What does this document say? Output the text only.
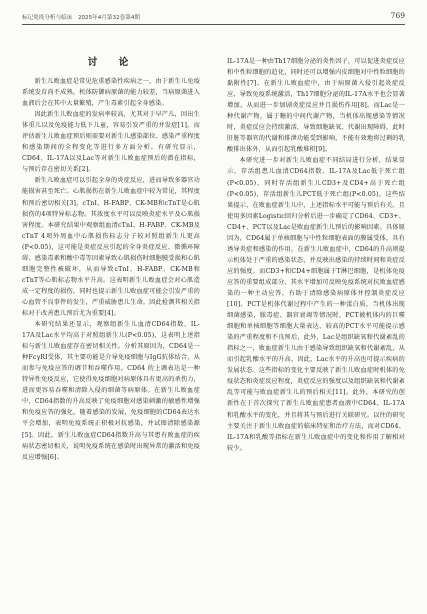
标记免疫分析与临床　2025年4月第32卷第4期	769
讨　论

新生儿败血症是常见危重感染性疾病之一，由于新生儿免疫系统发育尚不成熟，机体防御病原菌的能力较差，当病原菌进入血液后会在其中大量繁殖，产生毒素引起全身感染。

因此新生儿败血症的发病率较高，尤其对于早产儿，因出生体重儿以及免疫能力低下儿童，容易引发严重的并发症[1]。而评估新生儿败血症预后则需要对新生儿感染部位、感染严重程度和感染期间的全程变化等进行多方面分析。有研究显示，CD64、IL-17A以及Lac等对新生儿败血症预后的潜在指标，与预后存在密切关系[2]。

新生儿败血症可以引起全身的炎症反应，进而导致多器官功能损害甚至死亡。心肌损伤在新生儿败血症中较为常见，其程度和预后密切相关[3]，cTnI、H-FABP、CK-MB和cTnT是心肌损伤的4项特异标志物。其浓度水平可以反映炎症水平及心肌损害程度。本研究结果中观察组血清cTnI、H-FABP、CK-MB及cTnT 4项外周血中心肌损伤标志分子较对照组新生儿更高(P<0.05)，这可能是炎症反应引起的全身炎症反应、微循环障碍、感染毒素和酸中毒等因素导致心肌损伤时细胞膜受损和心肌细胞完整性被破坏，从而导致cTnI、H-FABP、CK-MB和cTnT等心肌标志物水平升高。这表明新生儿败血症会对心肌造成一定程度的损伤，同时也提示新生儿败血症可能会引发严重的心血管不良事件的发生，严重威胁患儿生命。因此检测其相关指标对于改善患儿预后尤为重要[4]。

本研究结果还显示，观察组新生儿血清CD64指数、IL-17A及Lac水平均高于对照组新生儿(P<0.05)，这表明上述指标与新生儿败血症存在密切相关性。分析其原因为，CD64是一种FcγRI受体，其主要功能是介导免疫细胞与IgG抗体结合，从而参与免疫应答的调节和吞噬作用。CD64 的上调表达是一种特异性免疫反应，它使得免疫细胞对病原体具有更高的杀伤力，进而更容易吞噬和清除入侵的细菌等病原体。在新生儿败血症中，CD64指数的升高反映了免疫细胞对感染刺激的敏感性增强和免疫应答的强化，随着感染的发展，免疫细胞的CD64表达水平会增加，表明免疫系统正积极对抗感染，并试图清除感染源[5]。因此，新生儿败血症CD64指数升高与其患有败血症的疾病状态密切相关，说明免疫系统在感染时出现异常的激活和免疫反应增强[6]。

IL-17A是一种由Th17细胞分泌的炎性因子，可以促进炎症反应和中性粒细胞的趋化，同时还可以增强内皮细胞对中性粒细胞的黏附性[7]。在新生儿败血症中，由于病原菌入侵引起炎症反应，导致免疫系统激活，Th17细胞分泌的IL-17A水平也会显著增加，从而进一步加剧炎症反应并且损伤作用[8]。而Lac是一种代谢产物，属于糖的中间代谢产物，当机体出现感染等情况时，炎症反应会持续激活，导致细胞缺氧、代谢出现障碍，此时肝脏等器官的代谢和排泄功能受到影响，不能有效地将过剩的乳酸排出体外，从而引起乳酸堆积[9]。

本研究进一步对新生儿败血症不同结局进行分析，结果显示，存活组患儿血清CD64指数、IL-17A及Lac低于死亡组(P<0.05)，同时存活组新生儿CD3+及CD4+高于死亡组(P<0.05)，存活组新生儿PCT低于死亡组(P<0.05)，这些结果提示，在败血症新生儿中，上述指标水平可能与预后有关。且使用多因素Logistic回归分析后进一步确定了CD64、CD3+、CD4+、PCT以及Lac是败血症新生儿预后的影响因素。具体原因为，CD64属于单核细胞与中性粒细胞表面的膜属受体，具有诱导炎症和感染的作用。在新生儿败血症中，CD64的升高则提示机体处于严重的感染状态，并反映出感染的持续时间和炎症反应的强度。而CD3+和CD4+细胞属于T淋巴细胞，是机体免疫应答的重要组成部分，其水平增加可反映免疫系统对抗败血症感染的一种主动应答，有助于清除感染病原体并控制炎症反应[10]。PCT是机体代谢过程中产生的一种蛋白质，当机体出现细菌感染，脓毒症、器官衰竭等情况时，PCT被机体内的巨噬细胞和单核细胞等细胞大量表达，较高的PCT水平可能提示感染的严重程度和不良预后，此外，Lac是组织缺氧和代谢紊乱的指标之一，败血症新生儿由于感染导致组织缺氧和代谢紊乱，从而引起乳酸水平的升高，因此，Lac水平的升高也可提示疾病的发展状态。这些指标的变化主要反映了新生儿败血症时机体的免疫状态和炎症反应程度，炎症反应的强度以及组织缺氧和代谢紊乱等可能与败血症新生儿的预后相关[11]。此外，本研究的创新性在于首次探究了新生儿败血症患者血液中CD64、IL-17A和乳酸水平的变化，并且将其与预后进行关联研究。以往的研究主要关注于新生儿败血症的临床特征和治疗方法，而对CD64、IL-17A和乳酸等指标在新生儿败血症中的变化和作用了解相对较少。
